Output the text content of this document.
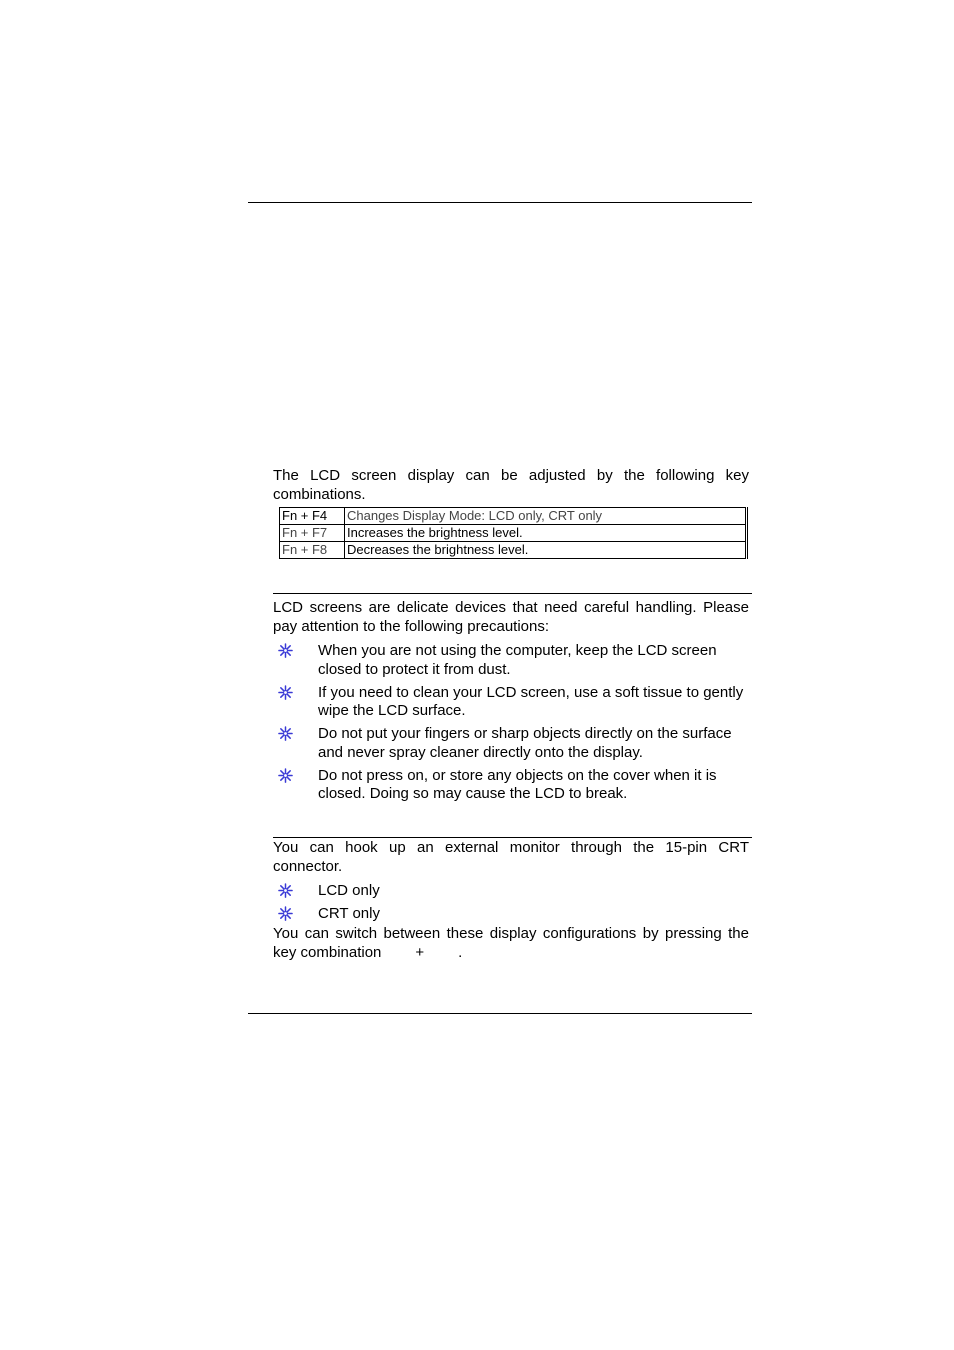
The LCD screen display can be adjusted by the following key combinations.

Fn + F4	Changes Display Mode: LCD only, CRT only
Fn + F7	Increases the brightness level.
Fn + F8	Decreases the brightness level.

LCD screens are delicate devices that need careful handling. Please pay attention to the following precautions:

When you are not using the computer, keep the LCD screen closed to protect it from dust.
If you need to clean your LCD screen, use a soft tissue to gently wipe the LCD surface.
Do not put your fingers or sharp objects directly on the surface and never spray cleaner directly onto the display.
Do not press on, or store any objects on the cover when it is closed. Doing so may cause the LCD to break.

You can hook up an external monitor through the 15-pin CRT connector.

LCD only
CRT only

You can switch between these display configurations by pressing the key combination + .
